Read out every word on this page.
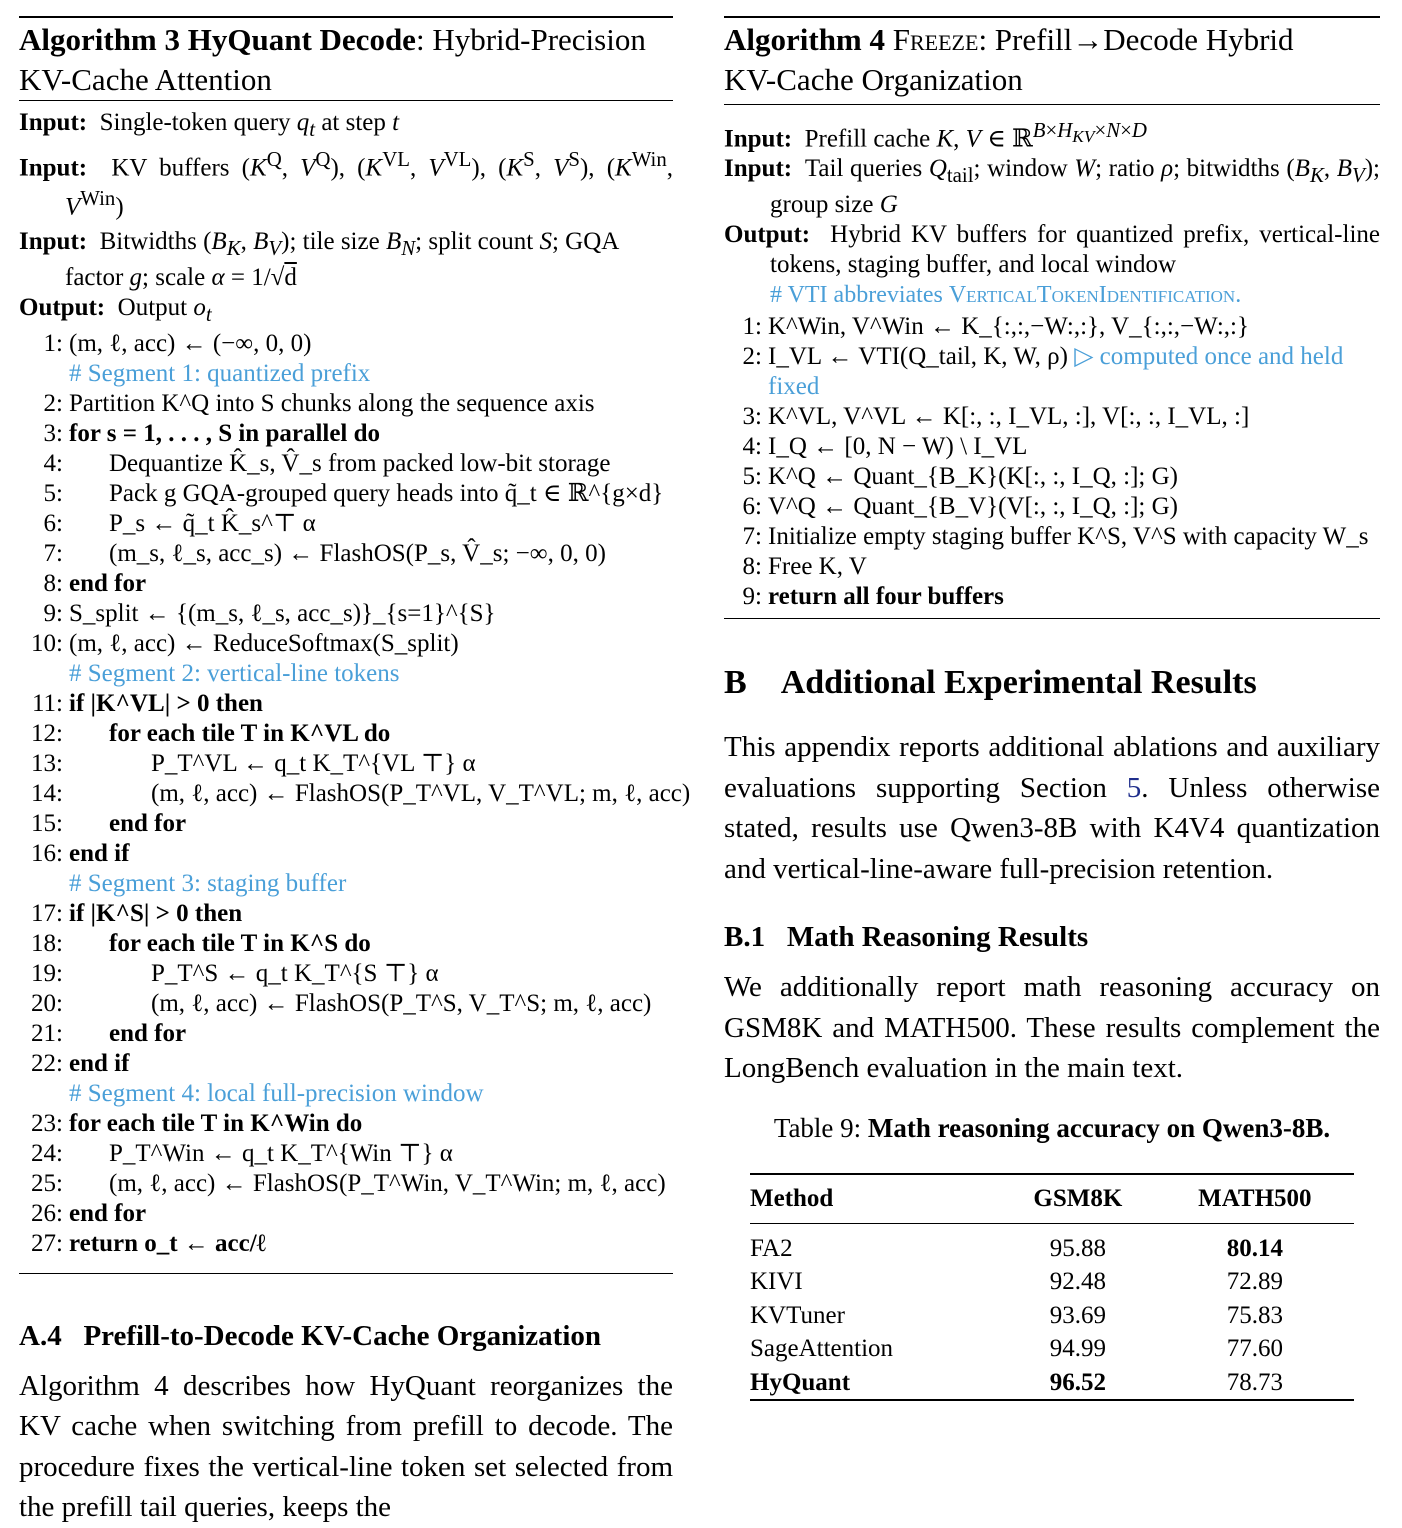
Algorithm 3 HyQuant Decode: Hybrid-Precision
KV-Cache Attention
Input:  Single-token query $q_t$ at step t
Input:  KV buffers ($K^Q$, $V^Q$), ($K^{VL}$, $V^{VL}$), ($K^S$, $V^S$), ($K^{Win}$, $V^{Win}$)
Input:  Bitwidths ($B_K$, $B_V$); tile size $B_N$; split count S; GQA factor g; scale α = 1/√d
Output:  Output $o_t$
1: (m, ℓ, acc) ← (−∞, 0, 0)
# Segment 1: quantized prefix
2: Partition K^Q into S chunks along the sequence axis
3: for s = 1, . . . , S in parallel do
4:	Dequantize K̂_s, V̂_s from packed low-bit storage
5:	Pack g GQA-grouped query heads into q̃_t ∈ ℝ^{g×d}
6:	P_s ← q̃_t K̂_s^⊤ α
7:	(m_s, ℓ_s, acc_s) ← FlashOS(P_s, V̂_s; −∞, 0, 0)
8: end for
9: S_split ← {(m_s, ℓ_s, acc_s)}_{s=1}^{S}
10: (m, ℓ, acc) ← ReduceSoftmax(S_split)
# Segment 2: vertical-line tokens
11: if |K^VL| > 0 then
12:	for each tile T in K^VL do
13:	P_T^VL ← q_t K_T^{VL ⊤} α
14:	(m, ℓ, acc) ← FlashOS(P_T^VL, V_T^VL; m, ℓ, acc)
15:	end for
16: end if
# Segment 3: staging buffer
17: if |K^S| > 0 then
18:	for each tile T in K^S do
19:	P_T^S ← q_t K_T^{S ⊤} α
20:	(m, ℓ, acc) ← FlashOS(P_T^S, V_T^S; m, ℓ, acc)
21:	end for
22: end if
# Segment 4: local full-precision window
23: for each tile T in K^Win do
24:	P_T^Win ← q_t K_T^{Win ⊤} α
25:	(m, ℓ, acc) ← FlashOS(P_T^Win, V_T^Win; m, ℓ, acc)
26: end for
27: return o_t ← acc/ℓ
A.4 Prefill-to-Decode KV-Cache Organization
Algorithm 4 describes how HyQuant reorganizes the KV cache when switching from prefill to decode. The procedure fixes the vertical-line token set selected from the prefill tail queries, keeps the
Algorithm 4 Freeze: Prefill→Decode Hybrid
KV-Cache Organization
Input:  Prefill cache K, V ∈ ℝ$^{B\times H_{KV}\times N\times D}$
Input:  Tail queries $Q_{tail}$; window W; ratio ρ; bitwidths ($B_K$, $B_V$); group size G
Output:  Hybrid KV buffers for quantized prefix, vertical-line tokens, staging buffer, and local window
# VTI abbreviates VerticalTokenIdentification.
1: K^Win, V^Win ← K_{:,:,−W:,:}, V_{:,:,−W:,:}
2: I_VL ← VTI(Q_tail, K, W, ρ) ▷ computed once and held fixed
3: K^VL, V^VL ← K[:, :, I_VL, :], V[:, :, I_VL, :]
4: I_Q ← [0, N − W) \ I_VL
5: K^Q ← Quant_{B_K}(K[:, :, I_Q, :]; G)
6: V^Q ← Quant_{B_V}(V[:, :, I_Q, :]; G)
7: Initialize empty staging buffer K^S, V^S with capacity W_s
8: Free K, V
9: return all four buffers
B Additional Experimental Results
This appendix reports additional ablations and auxiliary evaluations supporting Section 5. Unless otherwise stated, results use Qwen3-8B with K4V4 quantization and vertical-line-aware full-precision retention.
B.1 Math Reasoning Results
We additionally report math reasoning accuracy on GSM8K and MATH500. These results complement the LongBench evaluation in the main text.
Table 9: Math reasoning accuracy on Qwen3-8B.
Method	GSM8K	MATH500
FA2	95.88	80.14
KIVI	92.48	72.89
KVTuner	93.69	75.83
SageAttention	94.99	77.60
HyQuant	96.52	78.73
